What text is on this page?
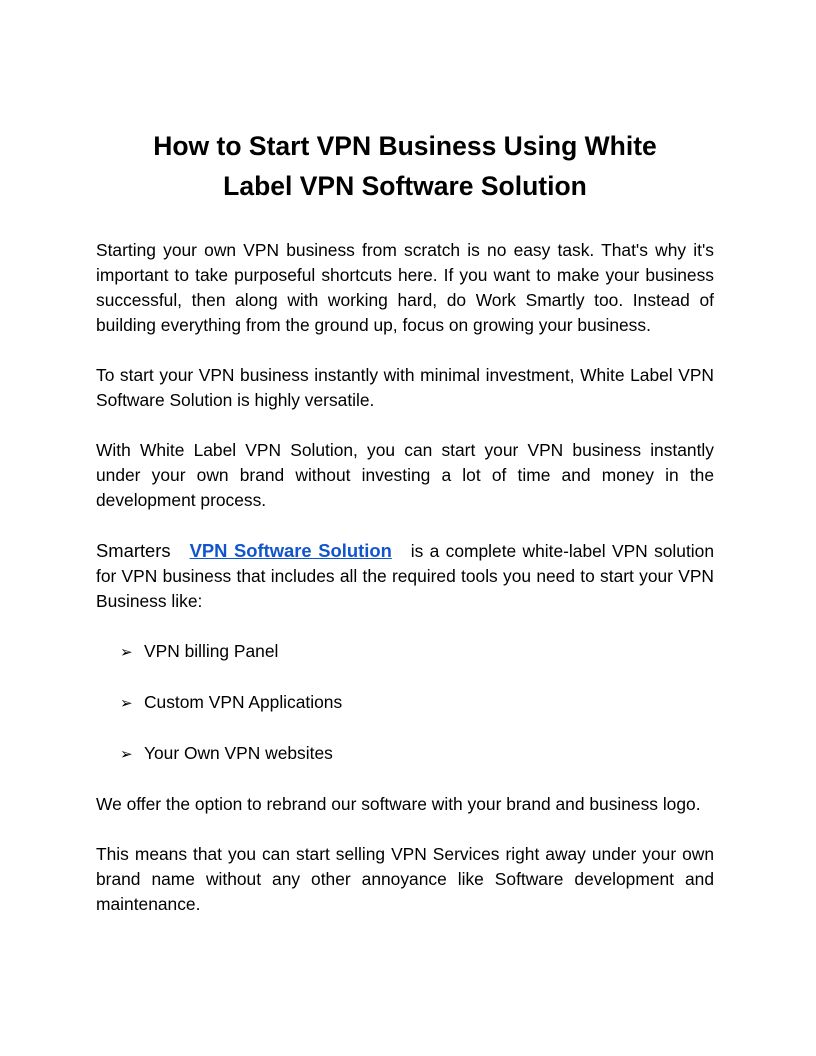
How to Start VPN Business Using White
Label VPN Software Solution

Starting your own VPN business from scratch is no easy task. That's why it's important to take purposeful shortcuts here. If you want to make your business successful, then along with working hard, do Work Smartly too. Instead of building everything from the ground up, focus on growing your business.

To start your VPN business instantly with minimal investment, White Label VPN Software Solution is highly versatile.

With White Label VPN Solution, you can start your VPN business instantly under your own brand without investing a lot of time and money in the development process.

Smarters VPN Software Solution is a complete white-label VPN solution for VPN business that includes all the required tools you need to start your VPN Business like:

➢ VPN billing Panel
➢ Custom VPN Applications
➢ Your Own VPN websites

We offer the option to rebrand our software with your brand and business logo.

This means that you can start selling VPN Services right away under your own brand name without any other annoyance like Software development and maintenance.
